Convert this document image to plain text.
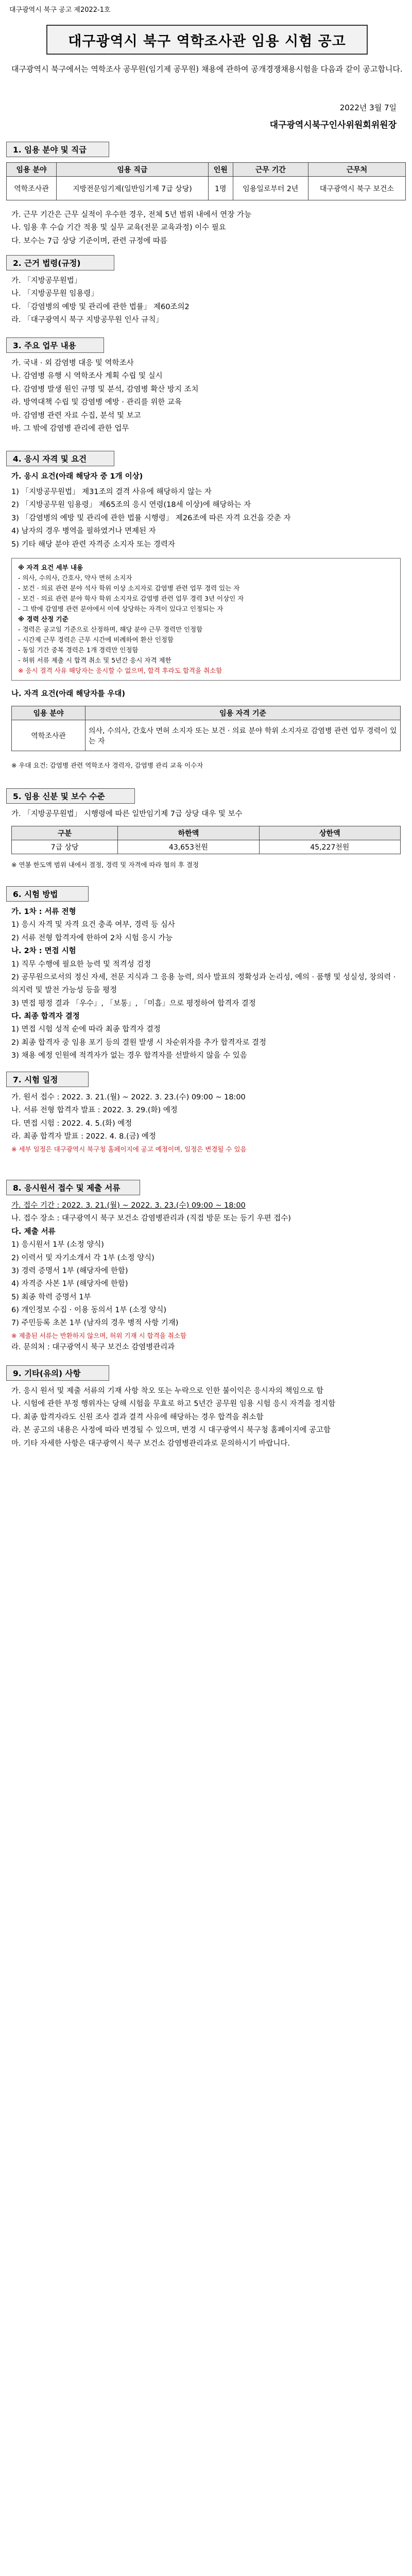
대구광역시 북구 공고 제2022-1호
대구광역시 북구 역학조사관 임용 시험 공고
대구광역시 북구에서는 역학조사 공무원(임기제 공무원) 채용에 관하여 공개경쟁채용시험을 다음과 같이 공고합니다.
2022년 3월 7일
대구광역시북구인사위원회위원장
1. 임용 분야 및 직급
임용 분야	임용 직급	인원	근무 기간	근무처
역학조사관	지방전문임기제(일반임기제 7급 상당)	1명	임용일로부터 2년	대구광역시 북구 보건소
가. 근무 기간은 근무 실적이 우수한 경우, 전체 5년 범위 내에서 연장 가능
나. 임용 후 수습 기간 적용 및 실무 교육(전문 교육과정) 이수 필요
다. 보수는 7급 상당 기준이며, 관련 규정에 따름
2. 근거 법령(규정)
가. 「지방공무원법」
나. 「지방공무원 임용령」
다. 「감염병의 예방 및 관리에 관한 법률」 제60조의2
라. 「대구광역시 북구 지방공무원 인사 규칙」
3. 주요 업무 내용
가. 국내 · 외 감염병 대응 및 역학조사
나. 감염병 유행 시 역학조사 계획 수립 및 실시
다. 감염병 발생 원인 규명 및 분석, 감염병 확산 방지 조치
라. 방역대책 수립 및 감염병 예방 · 관리를 위한 교육
마. 감염병 관련 자료 수집, 분석 및 보고
바. 그 밖에 감염병 관리에 관한 업무
4. 응시 자격 및 요건
가. 응시 요건(아래 해당자 중 1개 이상)
1) 「지방공무원법」 제31조의 결격 사유에 해당하지 않는 자
2) 「지방공무원 임용령」 제65조의 응시 연령(18세 이상)에 해당하는 자
3) 「감염병의 예방 및 관리에 관한 법률 시행령」 제26조에 따른 자격 요건을 갖춘 자
4) 남자의 경우 병역을 필하였거나 면제된 자
5) 기타 해당 분야 관련 자격증 소지자 또는 경력자
※ 자격 요건 세부 내용
- 의사, 수의사, 간호사, 약사 면허 소지자
- 보건 · 의료 관련 분야 석사 학위 이상 소지자로 감염병 관련 업무 경력 있는 자
- 보건 · 의료 관련 분야 학사 학위 소지자로 감염병 관련 업무 경력 3년 이상인 자
- 그 밖에 감염병 관련 분야에서 이에 상당하는 자격이 있다고 인정되는 자
※ 경력 산정 기준
- 경력은 공고일 기준으로 산정하며, 해당 분야 근무 경력만 인정함
- 시간제 근무 경력은 근무 시간에 비례하여 환산 인정함
- 동일 기간 중복 경력은 1개 경력만 인정함
- 허위 서류 제출 시 합격 취소 및 5년간 응시 자격 제한
※ 응시 결격 사유 해당자는 응시할 수 없으며, 합격 후라도 합격을 취소함
나. 자격 요건(아래 해당자를 우대)
임용 분야	임용 자격 기준
역학조사관	의사, 수의사, 간호사 면허 소지자 또는 보건 · 의료 분야 학위 소지자로 감염병 관련 업무 경력이 있는 자
※ 우대 요건: 감염병 관련 역학조사 경력자, 감염병 관리 교육 이수자
5. 임용 신분 및 보수 수준
가. 「지방공무원법」 시행령에 따른 일반임기제 7급 상당 대우 및 보수
구분	하한액	상한액
7급 상당	43,653천원	45,227천원
※ 연봉 한도액 범위 내에서 결정, 경력 및 자격에 따라 협의 후 결정
6. 시험 방법
가. 1차 : 서류 전형
1) 응시 자격 및 자격 요건 충족 여부, 경력 등 심사
2) 서류 전형 합격자에 한하여 2차 시험 응시 가능
나. 2차 : 면접 시험
1) 직무 수행에 필요한 능력 및 적격성 검정
2) 공무원으로서의 정신 자세, 전문 지식과 그 응용 능력, 의사 발표의 정확성과 논리성, 예의 · 품행 및 성실성, 창의력 · 의지력 및 발전 가능성 등을 평정
3) 면접 평정 결과 「우수」, 「보통」, 「미흡」으로 평정하여 합격자 결정
다. 최종 합격자 결정
1) 면접 시험 성적 순에 따라 최종 합격자 결정
2) 최종 합격자 중 임용 포기 등의 결원 발생 시 차순위자를 추가 합격자로 결정
3) 채용 예정 인원에 적격자가 없는 경우 합격자를 선발하지 않을 수 있음
7. 시험 일정
가. 원서 접수 : 2022. 3. 21.(월) ~ 2022. 3. 23.(수) 09:00 ~ 18:00
나. 서류 전형 합격자 발표 : 2022. 3. 29.(화) 예정
다. 면접 시험 : 2022. 4. 5.(화) 예정
라. 최종 합격자 발표 : 2022. 4. 8.(금) 예정
※ 세부 일정은 대구광역시 북구청 홈페이지에 공고 예정이며, 일정은 변경될 수 있음
8. 응시원서 접수 및 제출 서류
가. 접수 기간 : 2022. 3. 21.(월) ~ 2022. 3. 23.(수) 09:00 ~ 18:00
나. 접수 장소 : 대구광역시 북구 보건소 감염병관리과 (직접 방문 또는 등기 우편 접수)
다. 제출 서류
1) 응시원서 1부 (소정 양식)
2) 이력서 및 자기소개서 각 1부 (소정 양식)
3) 경력 증명서 1부 (해당자에 한함)
4) 자격증 사본 1부 (해당자에 한함)
5) 최종 학력 증명서 1부
6) 개인정보 수집 · 이용 동의서 1부 (소정 양식)
7) 주민등록 초본 1부 (남자의 경우 병적 사항 기재)
※ 제출된 서류는 반환하지 않으며, 허위 기재 시 합격을 취소함
라. 문의처 : 대구광역시 북구 보건소 감염병관리과
9. 기타(유의) 사항
가. 응시 원서 및 제출 서류의 기재 사항 착오 또는 누락으로 인한 불이익은 응시자의 책임으로 함
나. 시험에 관한 부정 행위자는 당해 시험을 무효로 하고 5년간 공무원 임용 시험 응시 자격을 정지함
다. 최종 합격자라도 신원 조사 결과 결격 사유에 해당하는 경우 합격을 취소함
라. 본 공고의 내용은 사정에 따라 변경될 수 있으며, 변경 시 대구광역시 북구청 홈페이지에 공고함
마. 기타 자세한 사항은 대구광역시 북구 보건소 감염병관리과로 문의하시기 바랍니다.
